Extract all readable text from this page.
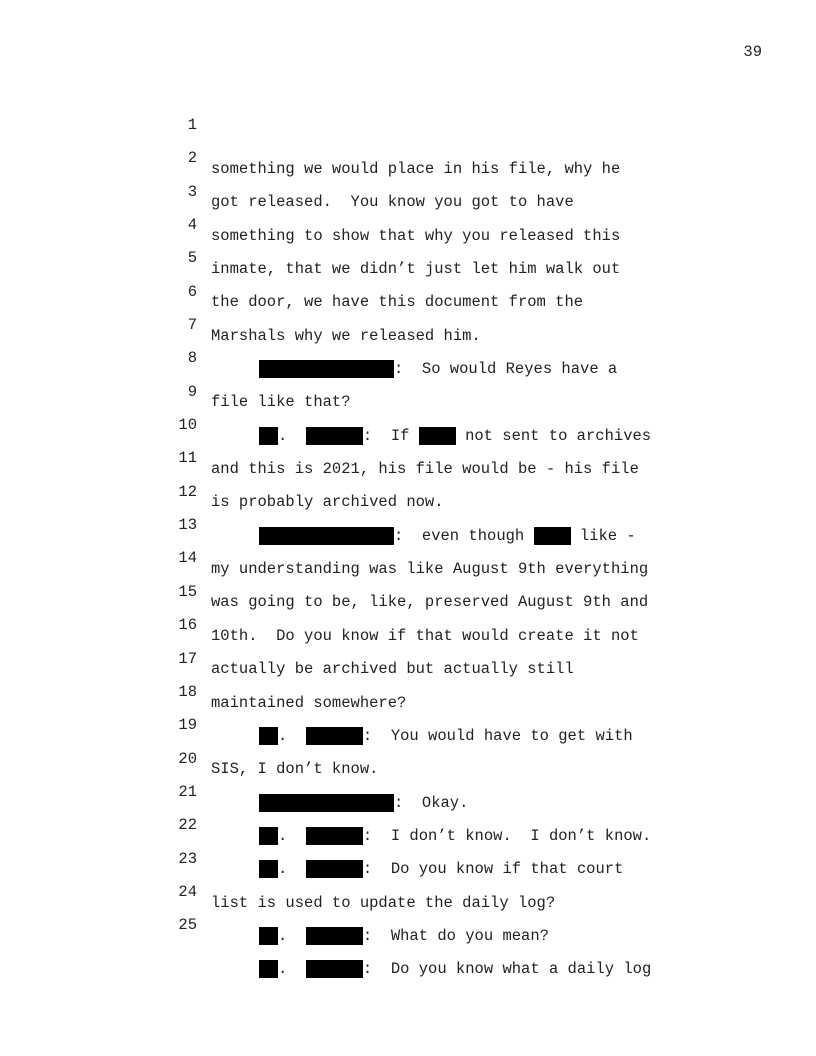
39

1

something we would place in his file, why he

2

got released.  You know you got to have

3

something to show that why you released this

4

inmate, that we didn’t just let him walk out

5

the door, we have this document from the

6

Marshals why we released him.

7

:  So would Reyes have a

8

file like that?

9

.
	:  If

	not sent to archives

10

and this is 2021, his file would be - his file

11

is probably archived now.

12

:  even though

	like -

13

my understanding was like August 9th everything

14

was going to be, like, preserved August 9th and

15

10th.  Do you know if that would create it not

16

actually be archived but actually still

17

maintained somewhere?

18

.
	:  You would have to get with

19

SIS, I don’t know.

20

:  Okay.

21

.
	:  I don’t know.  I don’t know.

22

.
	:  Do you know if that court

23

list is used to update the daily log?

24

.
	:  What do you mean?

25

.
	:  Do you know what a daily log
